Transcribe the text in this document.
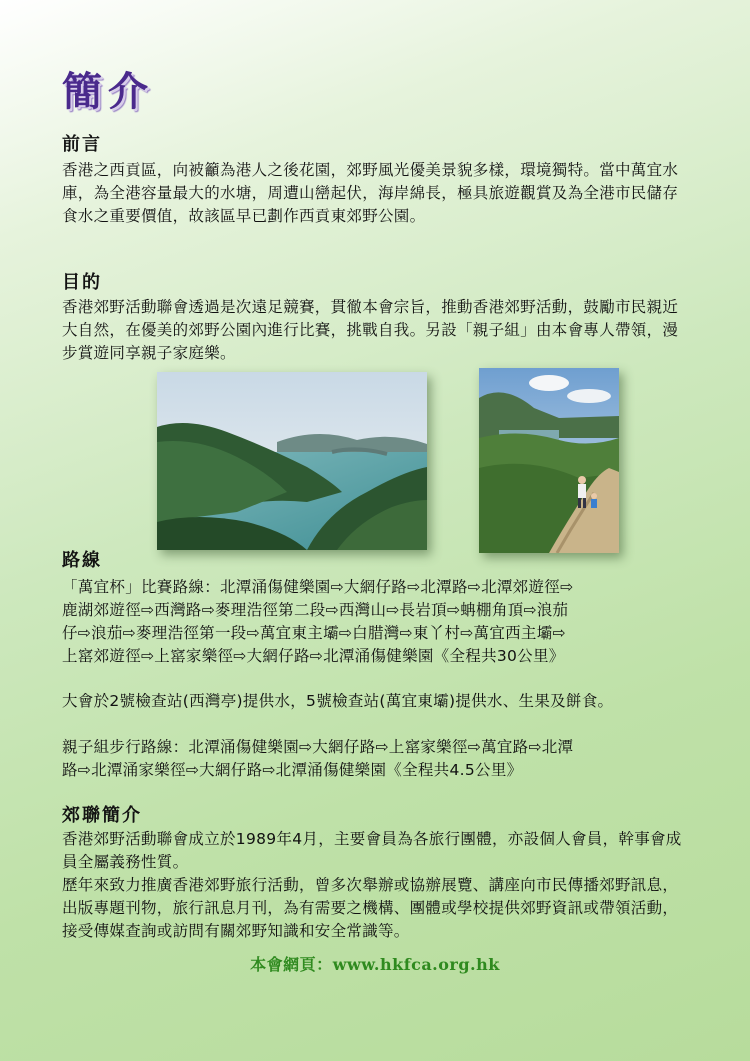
簡介
前言

香港之西貢區，向被籲為港人之後花園，郊野風光優美景貌多樣，環境獨特。當中萬宜水庫，為全港容量最大的水塘，周遭山巒起伏，海岸綿長，極具旅遊觀賞及為全港市民儲存食水之重要價值，故該區早已劃作西貢東郊野公園。

目的

香港郊野活動聯會透過是次遠足競賽，貫徹本會宗旨，推動香港郊野活動，鼓勵市民親近大自然，在優美的郊野公園內進行比賽，挑戰自我。另設「親子組」由本會專人帶領，漫步賞遊同享親子家庭樂。

路線

「萬宜杯」比賽路線：北潭涌傷健樂園⇨大網仔路⇨北潭路⇨北潭郊遊徑⇨
鹿湖郊遊徑⇨西灣路⇨麥理浩徑第二段⇨西灣山⇨長岩頂⇨蚺棚角頂⇨浪茄
仔⇨浪茄⇨麥理浩徑第一段⇨萬宜東主壩⇨白腊灣⇨東丫村⇨萬宜西主壩⇨
上窰郊遊徑⇨上窰家樂徑⇨大網仔路⇨北潭涌傷健樂園《全程共30公里》

大會於2號檢查站(西灣亭)提供水，5號檢查站(萬宜東壩)提供水、生果及餅食。

親子組步行路線：北潭涌傷健樂園⇨大網仔路⇨上窰家樂徑⇨萬宜路⇨北潭
路⇨北潭涌家樂徑⇨大網仔路⇨北潭涌傷健樂園《全程共4.5公里》

郊聯簡介

香港郊野活動聯會成立於1989年4月，主要會員為各旅行團體，亦設個人會員，幹事會成員全屬義務性質。

歷年來致力推廣香港郊野旅行活動，曾多次舉辦或協辦展覽、講座向市民傳播郊野訊息，出版專題刊物，旅行訊息月刊，為有需要之機構、團體或學校提供郊野資訊或帶領活動，接受傳媒查詢或訪問有關郊野知識和安全常識等。

本會網頁：www.hkfca.org.hk
